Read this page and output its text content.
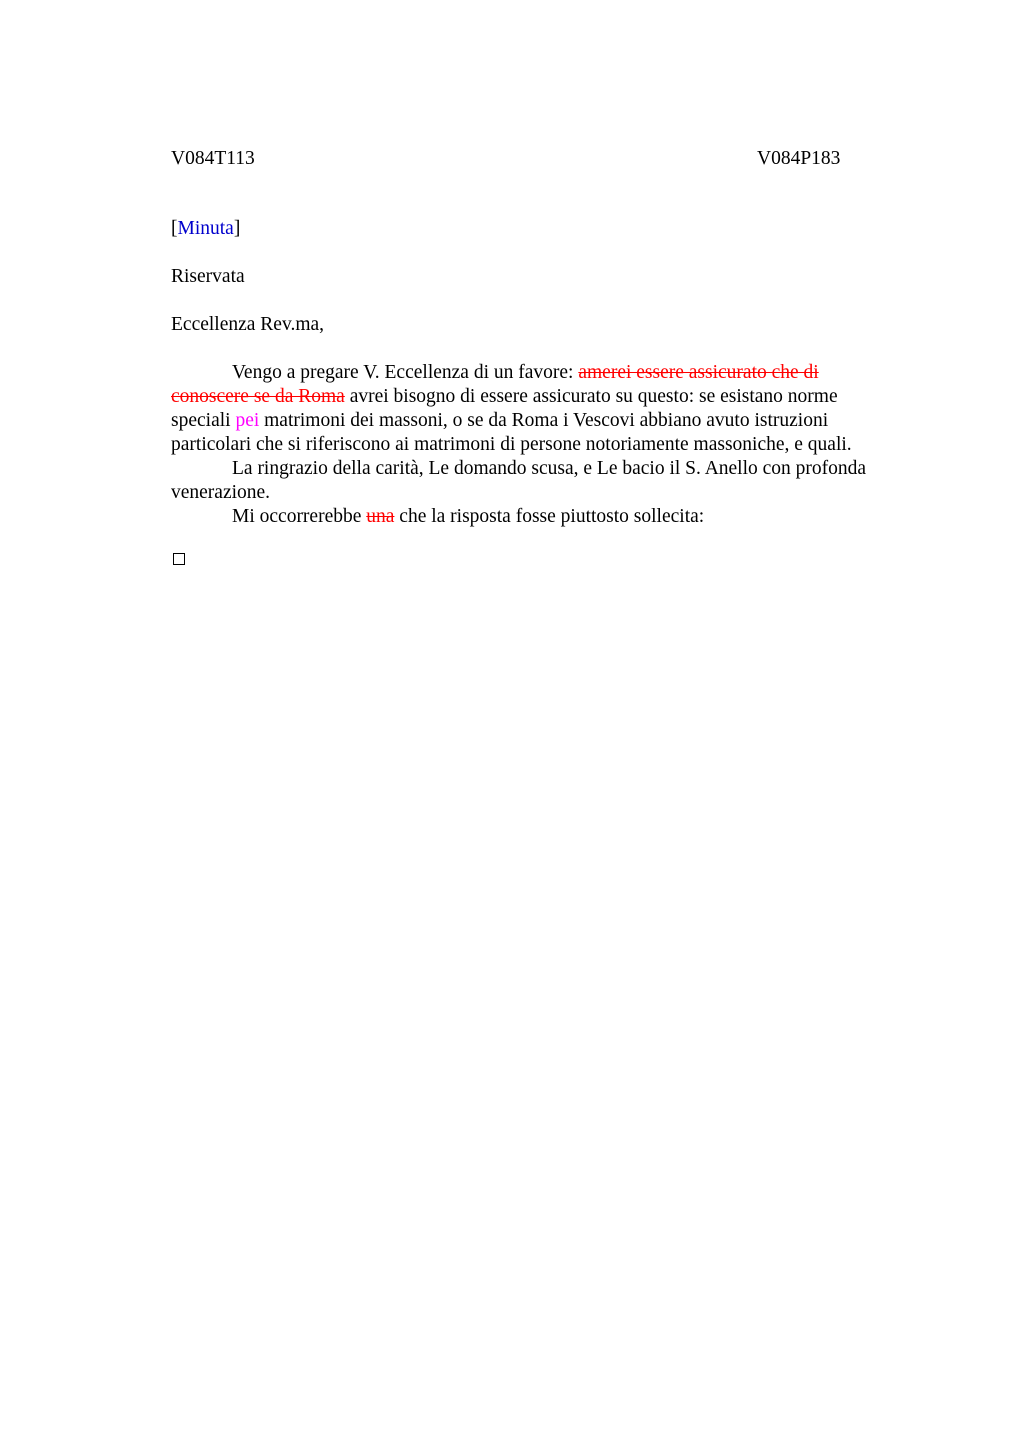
V084T113	V084P183
[Minuta]
Riservata
Eccellenza Rev.ma,
Vengo a pregare V. Eccellenza di un favore: amerei essere assicurato che di
conoscere se da Roma avrei bisogno di essere assicurato su questo: se esistano norme
speciali pei matrimoni dei massoni, o se da Roma i Vescovi abbiano avuto istruzioni
particolari che si riferiscono ai matrimoni di persone notoriamente massoniche, e quali.
La ringrazio della carità, Le domando scusa, e Le bacio il S. Anello con profonda
venerazione.
Mi occorrerebbe una che la risposta fosse piuttosto sollecita:
